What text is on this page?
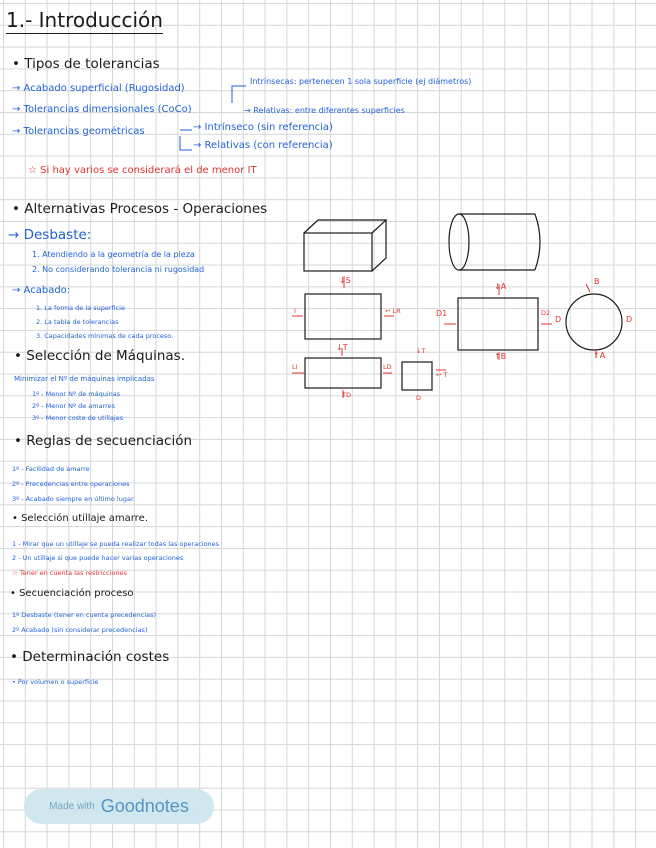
1.- Introducción
• Tipos de tolerancias
→ Acabado superficial (Rugosidad)
→ Tolerancias dimensionales (CoCo)
→ Tolerancias geométricas
Intrínsecas: pertenecen 1 sola superficie (ej diámetros)
→ Relativas: entre diferentes superficies
→ Intrínseco (sin referencia)
→ Relativas (con referencia)
☆ Si hay varios se considerará el de menor IT
• Alternativas Procesos - Operaciones
→ Desbaste:
1. Atendiendo a la geometría de la pieza
2. No considerando tolerancia ni rugosidad
→ Acabado:
1. La forma de la superficie
2. La tabla de tolerancias
3. Capacidades mínimas de cada proceso.
• Selección de Máquinas.
Minimizar el Nº de máquinas implicadas
1º - Menor Nº de máquinas
2º - Menor Nº de amarres
3º - Menor coste de utillajes
• Reglas de secuenciación
1º - Facilidad de amarre
2º - Precedencias entre operaciones
3º - Acabado siempre en último lugar.
• Selección utillaje amarre.
1 - Mirar que un utillaje se pueda realizar todas las operaciones
2 - Un utillaje si que puede hacer varias operaciones
☆ Tener en cuenta las restricciones
• Secuenciación proceso
1º Desbaste (tener en cuenta precedencias)
2º Acabado (sin considerar precedencias)
• Determinación costes
• Por volumen o superficie
↓S
I	↩ LR
↓T
LI	LD
TD
↓T
↩ T
D
↓A
D1	D2
↑B
B
D	D
↑A
Made with Goodnotes
